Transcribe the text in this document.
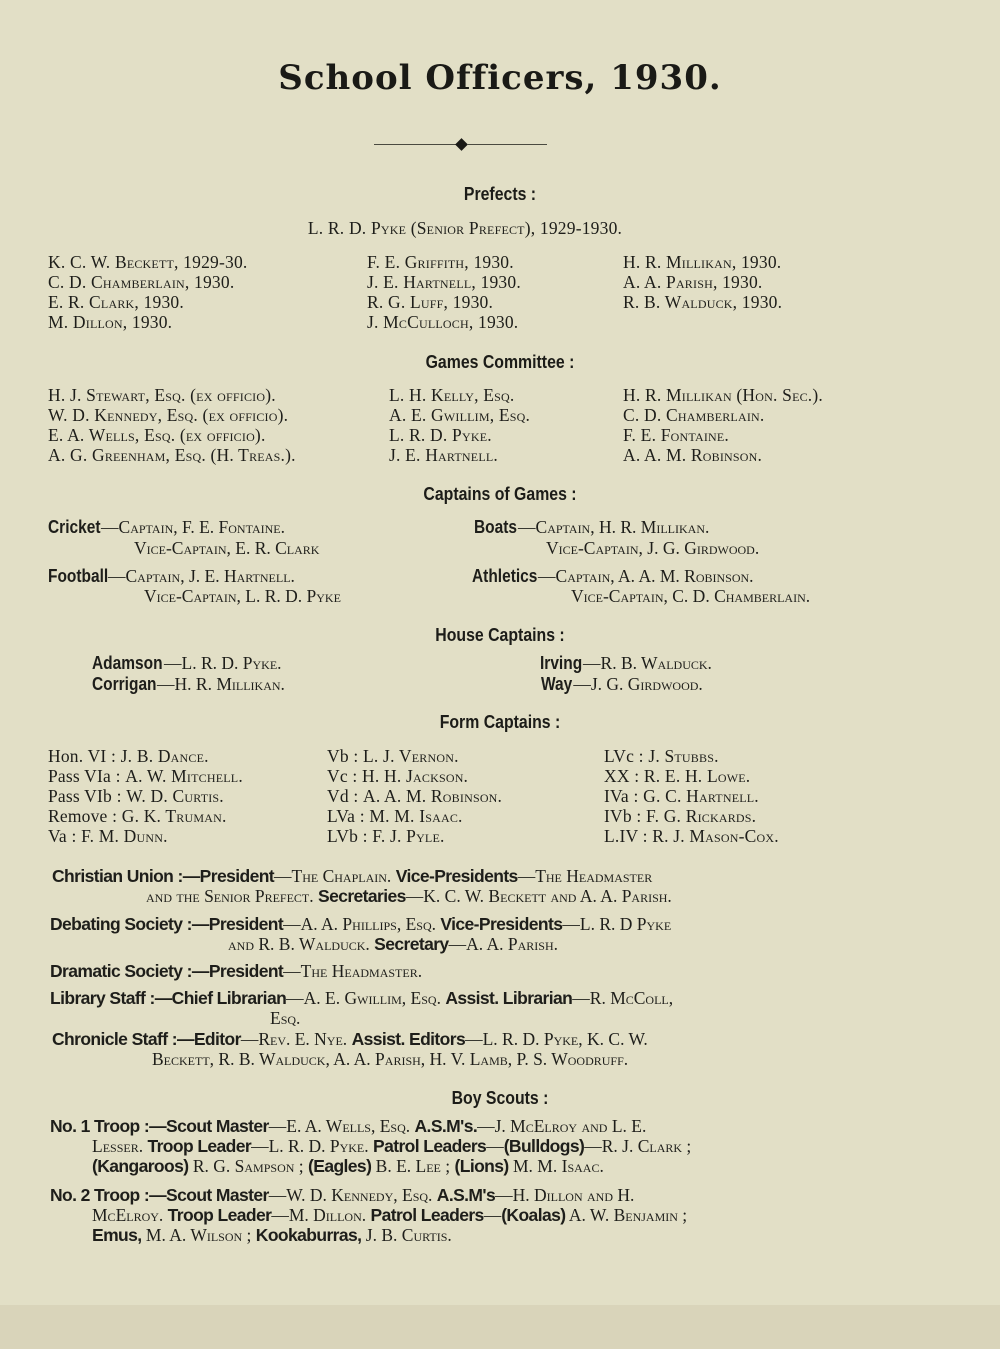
School Officers, 1930.
Prefects :
L. R. D. Pyke (Senior Prefect), 1929-1930.
K. C. W. Beckett, 1929-30.
C. D. Chamberlain, 1930.
E. R. Clark, 1930.
M. Dillon, 1930.
F. E. Griffith, 1930.
J. E. Hartnell, 1930.
R. G. Luff, 1930.
J. McCulloch, 1930.
H. R. Millikan, 1930.
A. A. Parish, 1930.
R. B. Walduck, 1930.
Games Committee :
H. J. Stewart, Esq. (ex officio).
W. D. Kennedy, Esq. (ex officio).
E. A. Wells, Esq. (ex officio).
A. G. Greenham, Esq. (H. Treas.).
L. H. Kelly, Esq.
A. E. Gwillim, Esq.
L. R. D. Pyke.
J. E. Hartnell.
H. R. Millikan (Hon. Sec.).
C. D. Chamberlain.
F. E. Fontaine.
A. A. M. Robinson.
Captains of Games :
Cricket—Captain, F. E. Fontaine.
Vice-Captain, E. R. Clark
Boats—Captain, H. R. Millikan.
Vice-Captain, J. G. Girdwood.
Football—Captain, J. E. Hartnell.
Vice-Captain, L. R. D. Pyke
Athletics—Captain, A. A. M. Robinson.
Vice-Captain, C. D. Chamberlain.
House Captains :
Adamson—L. R. D. Pyke.
Corrigan—H. R. Millikan.
Irving—R. B. Walduck.
Way—J. G. Girdwood.
Form Captains :
Hon. VI : J. B. Dance.
Pass VIa : A. W. Mitchell.
Pass VIb : W. D. Curtis.
Remove : G. K. Truman.
Va : F. M. Dunn.
Vb : L. J. Vernon.
Vc : H. H. Jackson.
Vd : A. A. M. Robinson.
LVa : M. M. Isaac.
LVb : F. J. Pyle.
LVc : J. Stubbs.
XX : R. E. H. Lowe.
IVa : G. C. Hartnell.
IVb : F. G. Rickards.
L.IV : R. J. Mason-Cox.
Christian Union :—President—The Chaplain. Vice-Presidents—The Headmaster
and the Senior Prefect. Secretaries—K. C. W. Beckett and A. A. Parish.
Debating Society :—President—A. A. Phillips, Esq. Vice-Presidents—L. R. D Pyke
and R. B. Walduck. Secretary—A. A. Parish.
Dramatic Society :—President—The Headmaster.
Library Staff :—Chief Librarian—A. E. Gwillim, Esq. Assist. Librarian—R. McColl,
Esq.
Chronicle Staff :—Editor—Rev. E. Nye. Assist. Editors—L. R. D. Pyke, K. C. W.
Beckett, R. B. Walduck, A. A. Parish, H. V. Lamb, P. S. Woodruff.
Boy Scouts :
No. 1 Troop :—Scout Master—E. A. Wells, Esq. A.S.M's.—J. McElroy and L. E.
Lesser. Troop Leader—L. R. D. Pyke. Patrol Leaders—(Bulldogs)—R. J. Clark ;
(Kangaroos) R. G. Sampson ; (Eagles) B. E. Lee ; (Lions) M. M. Isaac.
No. 2 Troop :—Scout Master—W. D. Kennedy, Esq. A.S.M's—H. Dillon and H.
McElroy. Troop Leader—M. Dillon. Patrol Leaders—(Koalas) A. W. Benjamin ;
Emus, M. A. Wilson ; Kookaburras, J. B. Curtis.
